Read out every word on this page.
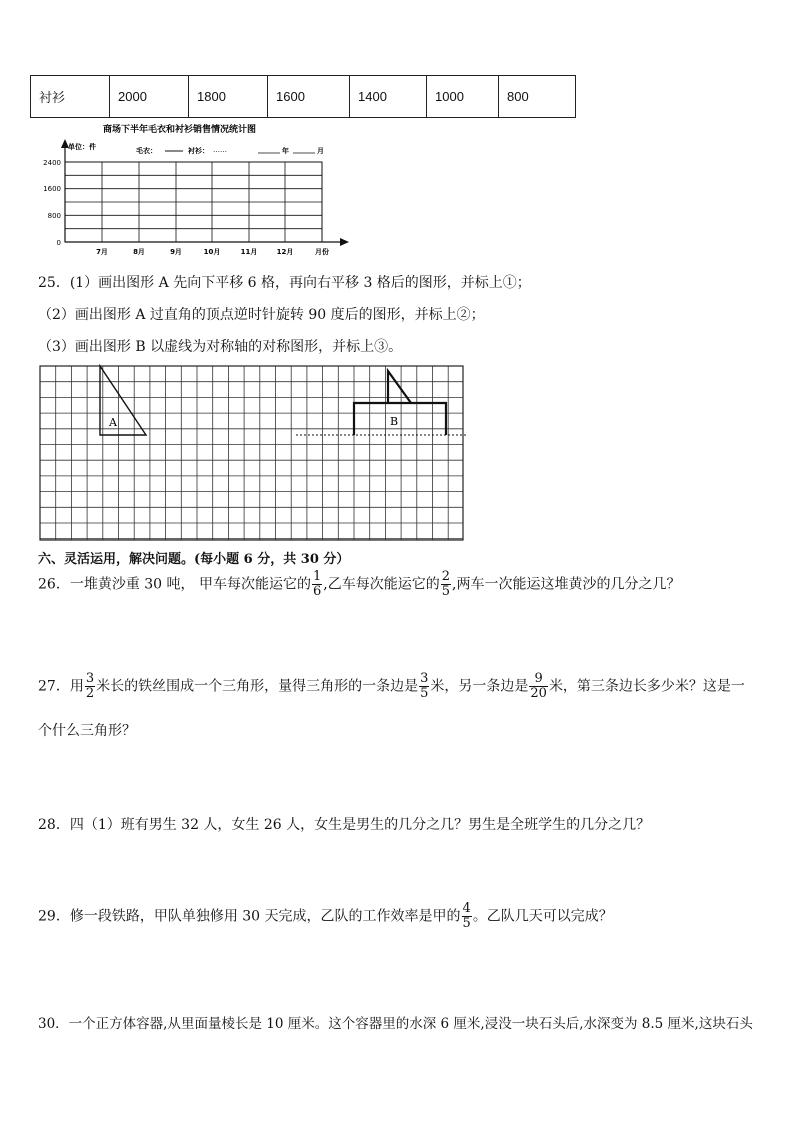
衬衫	2000	1800	1600	1400	1000	800
商场下半年毛衣和衬衫销售情况统计图
单位：件	毛衣：	衬衫： ……	年	月
2400
1600
800
0
7月	8月	9月	10月	11月	12月	月份
25．(1）画出图形 A 先向下平移 6 格，再向右平移 3 格后的图形，并标上①；
（2）画出图形 A 过直角的顶点逆时针旋转 90 度后的图形，并标上②；
（3）画出图形 B 以虚线为对称轴的对称图形，并标上③。
A	B
六、灵活运用，解决问题。(每小题 6 分，共 30 分）
26．一堆黄沙重 30 吨， 甲车每次能运它的 $\frac{1}{6}$ ,乙车每次能运它的 $\frac{2}{5}$ ,两车一次能运这堆黄沙的几分之几？
27．用 $\frac{3}{2}$ 米长的铁丝围成一个三角形，量得三角形的一条边是 $\frac{3}{5}$ 米，另一条边是 $\frac{9}{20}$ 米，第三条边长多少米？这是一
个什么三角形？
28．四（1）班有男生 32 人，女生 26 人，女生是男生的几分之几？男生是全班学生的几分之几？
29．修一段铁路，甲队单独修用 30 天完成，乙队的工作效率是甲的 $\frac{4}{5}$ 。乙队几天可以完成？
30．一个正方体容器,从里面量棱长是 10 厘米。这个容器里的水深 6 厘米,浸没一块石头后,水深变为 8.5 厘米,这块石头
